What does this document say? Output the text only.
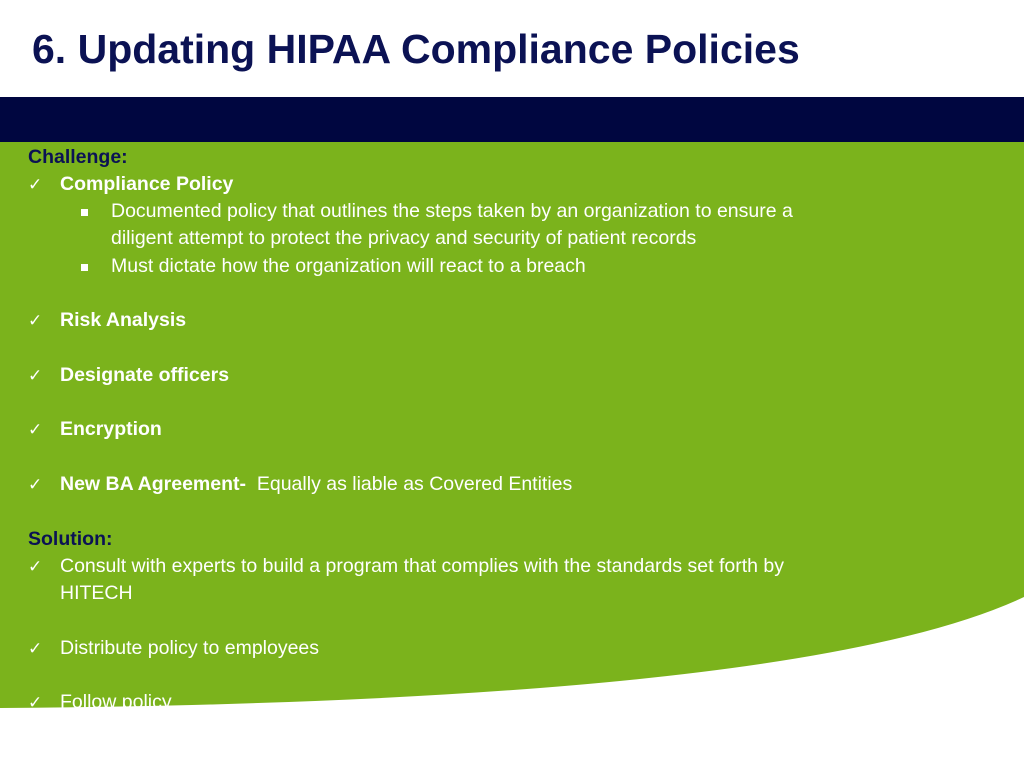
6. Updating HIPAA Compliance Policies
Challenge:
✓ Compliance Policy
Documented policy that outlines the steps taken by an organization to ensure a
diligent attempt to protect the privacy and security of patient records
Must dictate how the organization will react to a breach
✓ Risk Analysis
✓ Designate officers
✓ Encryption
✓ New BA Agreement- Equally as liable as Covered Entities
Solution:
✓ Consult with experts to build a program that complies with the standards set forth by
HITECH
✓ Distribute policy to employees
✓ Follow policy
